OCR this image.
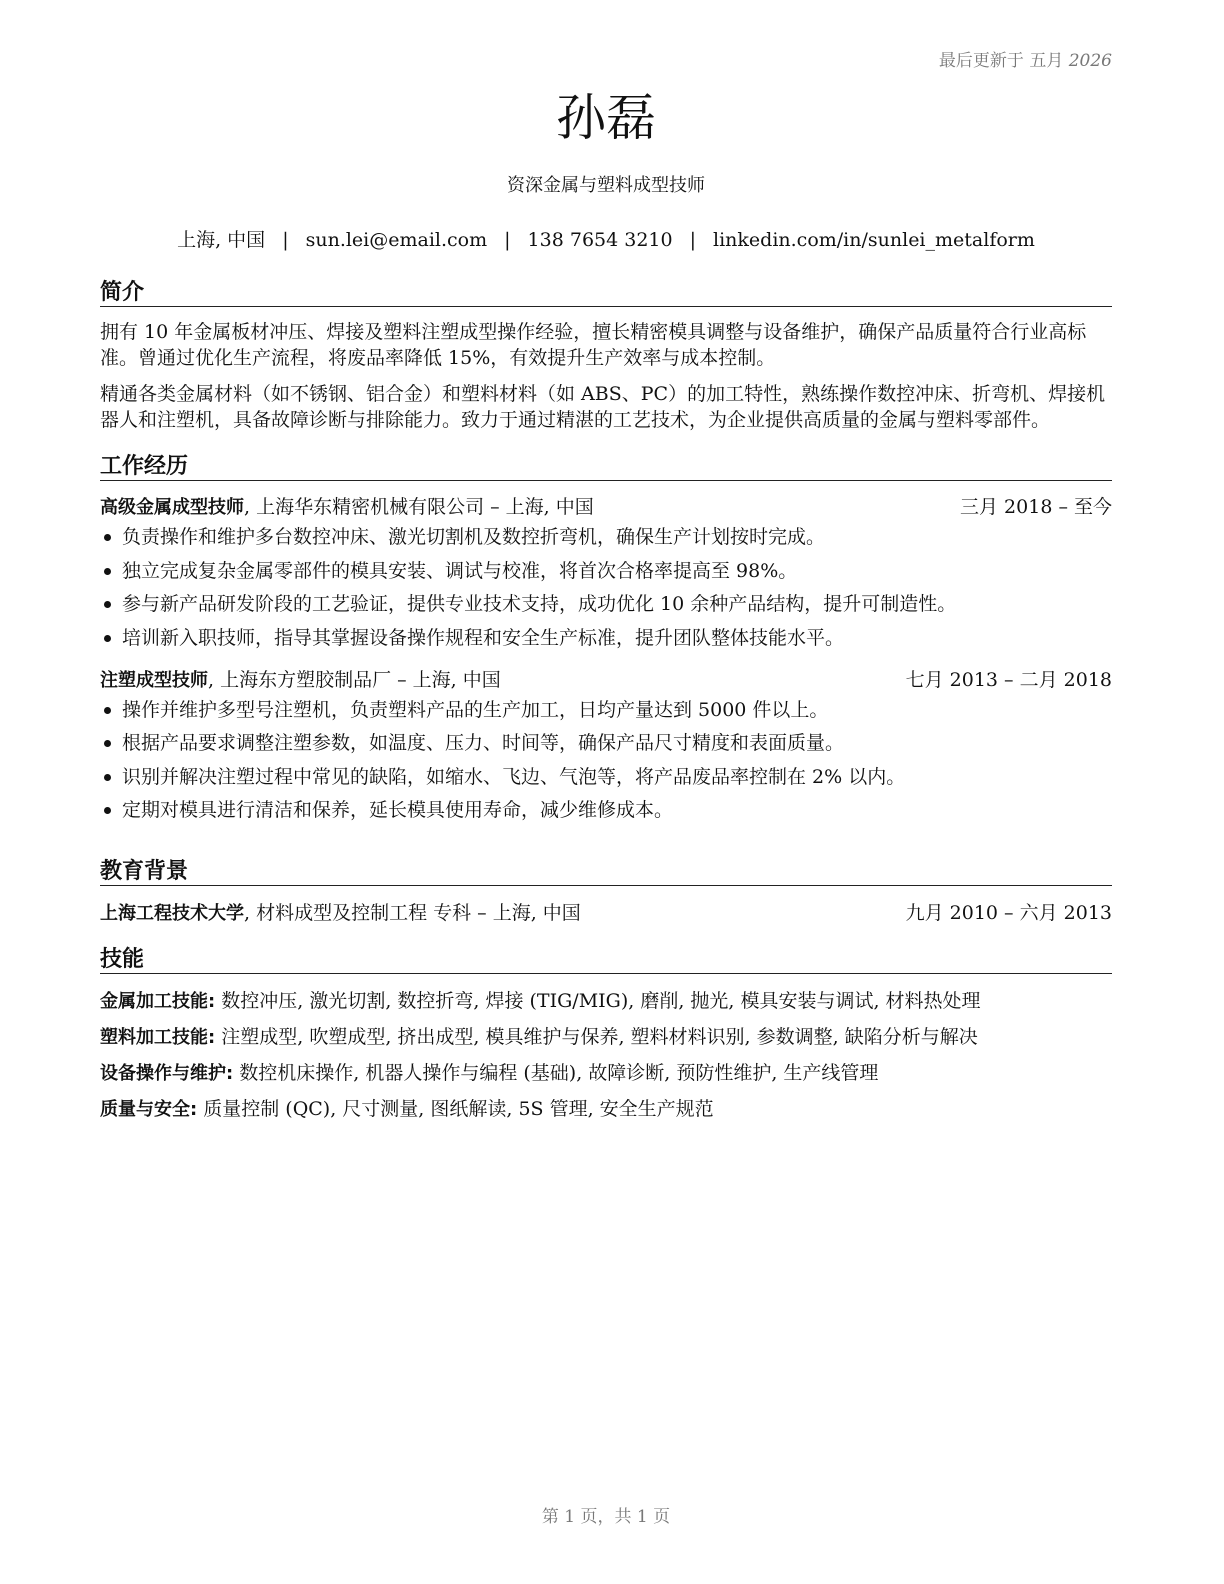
最后更新于 五月 2026
孙磊
资深金属与塑料成型技师
上海, 中国 | sun.lei@email.com | 138 7654 3210 | linkedin.com/in/sunlei_metalform
简介
拥有 10 年金属板材冲压、焊接及塑料注塑成型操作经验，擅长精密模具调整与设备维护，确保产品质量符合行业高标准。曾通过优化生产流程，将废品率降低 15%，有效提升生产效率与成本控制。
精通各类金属材料（如不锈钢、铝合金）和塑料材料（如 ABS、PC）的加工特性，熟练操作数控冲床、折弯机、焊接机器人和注塑机，具备故障诊断与排除能力。致力于通过精湛的工艺技术，为企业提供高质量的金属与塑料零部件。
工作经历
高级金属成型技师, 上海华东精密机械有限公司 – 上海, 中国	三月 2018 – 至今
负责操作和维护多台数控冲床、激光切割机及数控折弯机，确保生产计划按时完成。
独立完成复杂金属零部件的模具安装、调试与校准，将首次合格率提高至 98%。
参与新产品研发阶段的工艺验证，提供专业技术支持，成功优化 10 余种产品结构，提升可制造性。
培训新入职技师，指导其掌握设备操作规程和安全生产标准，提升团队整体技能水平。
注塑成型技师, 上海东方塑胶制品厂 – 上海, 中国	七月 2013 – 二月 2018
操作并维护多型号注塑机，负责塑料产品的生产加工，日均产量达到 5000 件以上。
根据产品要求调整注塑参数，如温度、压力、时间等，确保产品尺寸精度和表面质量。
识别并解决注塑过程中常见的缺陷，如缩水、飞边、气泡等，将产品废品率控制在 2% 以内。
定期对模具进行清洁和保养，延长模具使用寿命，减少维修成本。
教育背景
上海工程技术大学, 材料成型及控制工程 专科 – 上海, 中国	九月 2010 – 六月 2013
技能
金属加工技能: 数控冲压, 激光切割, 数控折弯, 焊接 (TIG/MIG), 磨削, 抛光, 模具安装与调试, 材料热处理
塑料加工技能: 注塑成型, 吹塑成型, 挤出成型, 模具维护与保养, 塑料材料识别, 参数调整, 缺陷分析与解决
设备操作与维护: 数控机床操作, 机器人操作与编程 (基础), 故障诊断, 预防性维护, 生产线管理
质量与安全: 质量控制 (QC), 尺寸测量, 图纸解读, 5S 管理, 安全生产规范
第 1 页，共 1 页
